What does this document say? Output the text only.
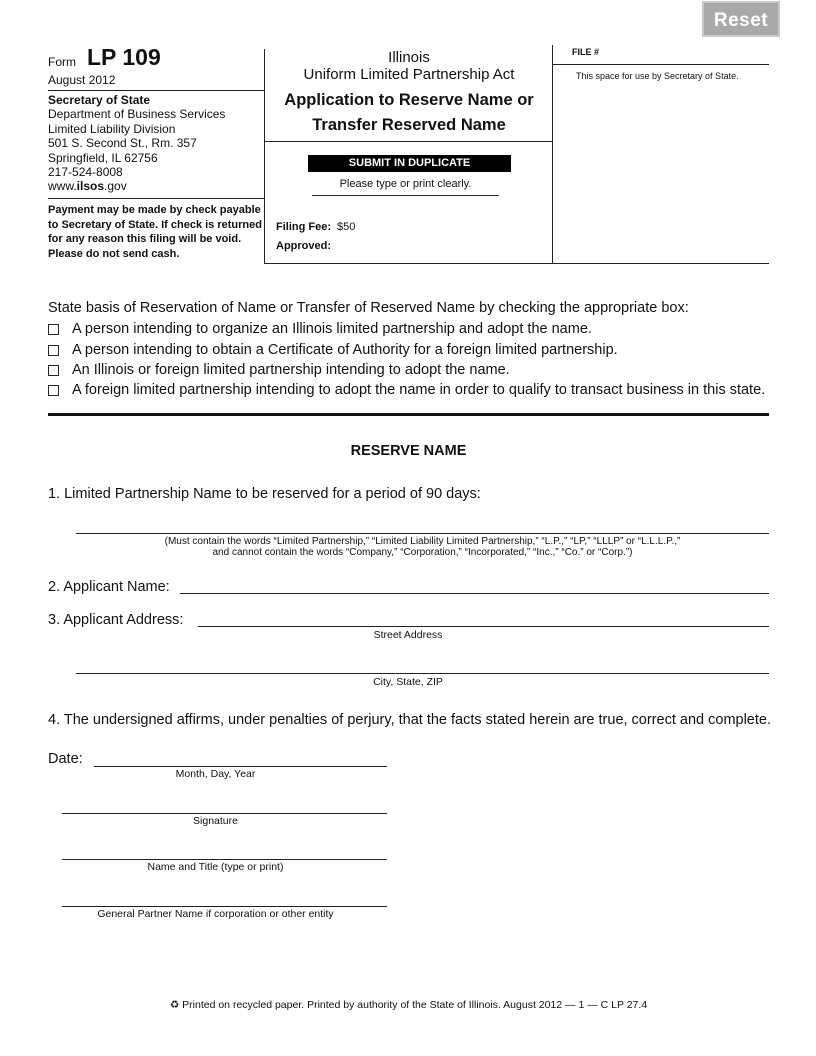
Reset
Form LP 109
August 2012
Secretary of State
Department of Business Services
Limited Liability Division
501 S. Second St., Rm. 357
Springfield, IL 62756
217-524-8008
www.ilsos.gov
Payment may be made by check payable to Secretary of State. If check is returned for any reason this filing will be void. Please do not send cash.
Illinois
Uniform Limited Partnership Act
Application to Reserve Name or
Transfer Reserved Name
SUBMIT IN DUPLICATE
Please type or print clearly.
Filing Fee: $50
Approved:
FILE #
This space for use by Secretary of State.
State basis of Reservation of Name or Transfer of Reserved Name by checking the appropriate box:
A person intending to organize an Illinois limited partnership and adopt the name.
A person intending to obtain a Certificate of Authority for a foreign limited partnership.
An Illinois or foreign limited partnership intending to adopt the name.
A foreign limited partnership intending to adopt the name in order to qualify to transact business in this state.
RESERVE NAME
1. Limited Partnership Name to be reserved for a period of 90 days:
(Must contain the words “Limited Partnership,” “Limited Liability Limited Partnership,” “L.P.,” “LP,” “LLLP” or “L.L.L.P.,”
and cannot contain the words “Company,” “Corporation,” “Incorporated,” “Inc.,” “Co.” or “Corp.”)
2. Applicant Name:
3. Applicant Address:
Street Address
City, State, ZIP
4. The undersigned affirms, under penalties of perjury, that the facts stated herein are true, correct and complete.
Date:
Month, Day, Year
Signature
Name and Title (type or print)
General Partner Name if corporation or other entity
♻ Printed on recycled paper. Printed by authority of the State of Illinois. August 2012 — 1 — C LP 27.4
